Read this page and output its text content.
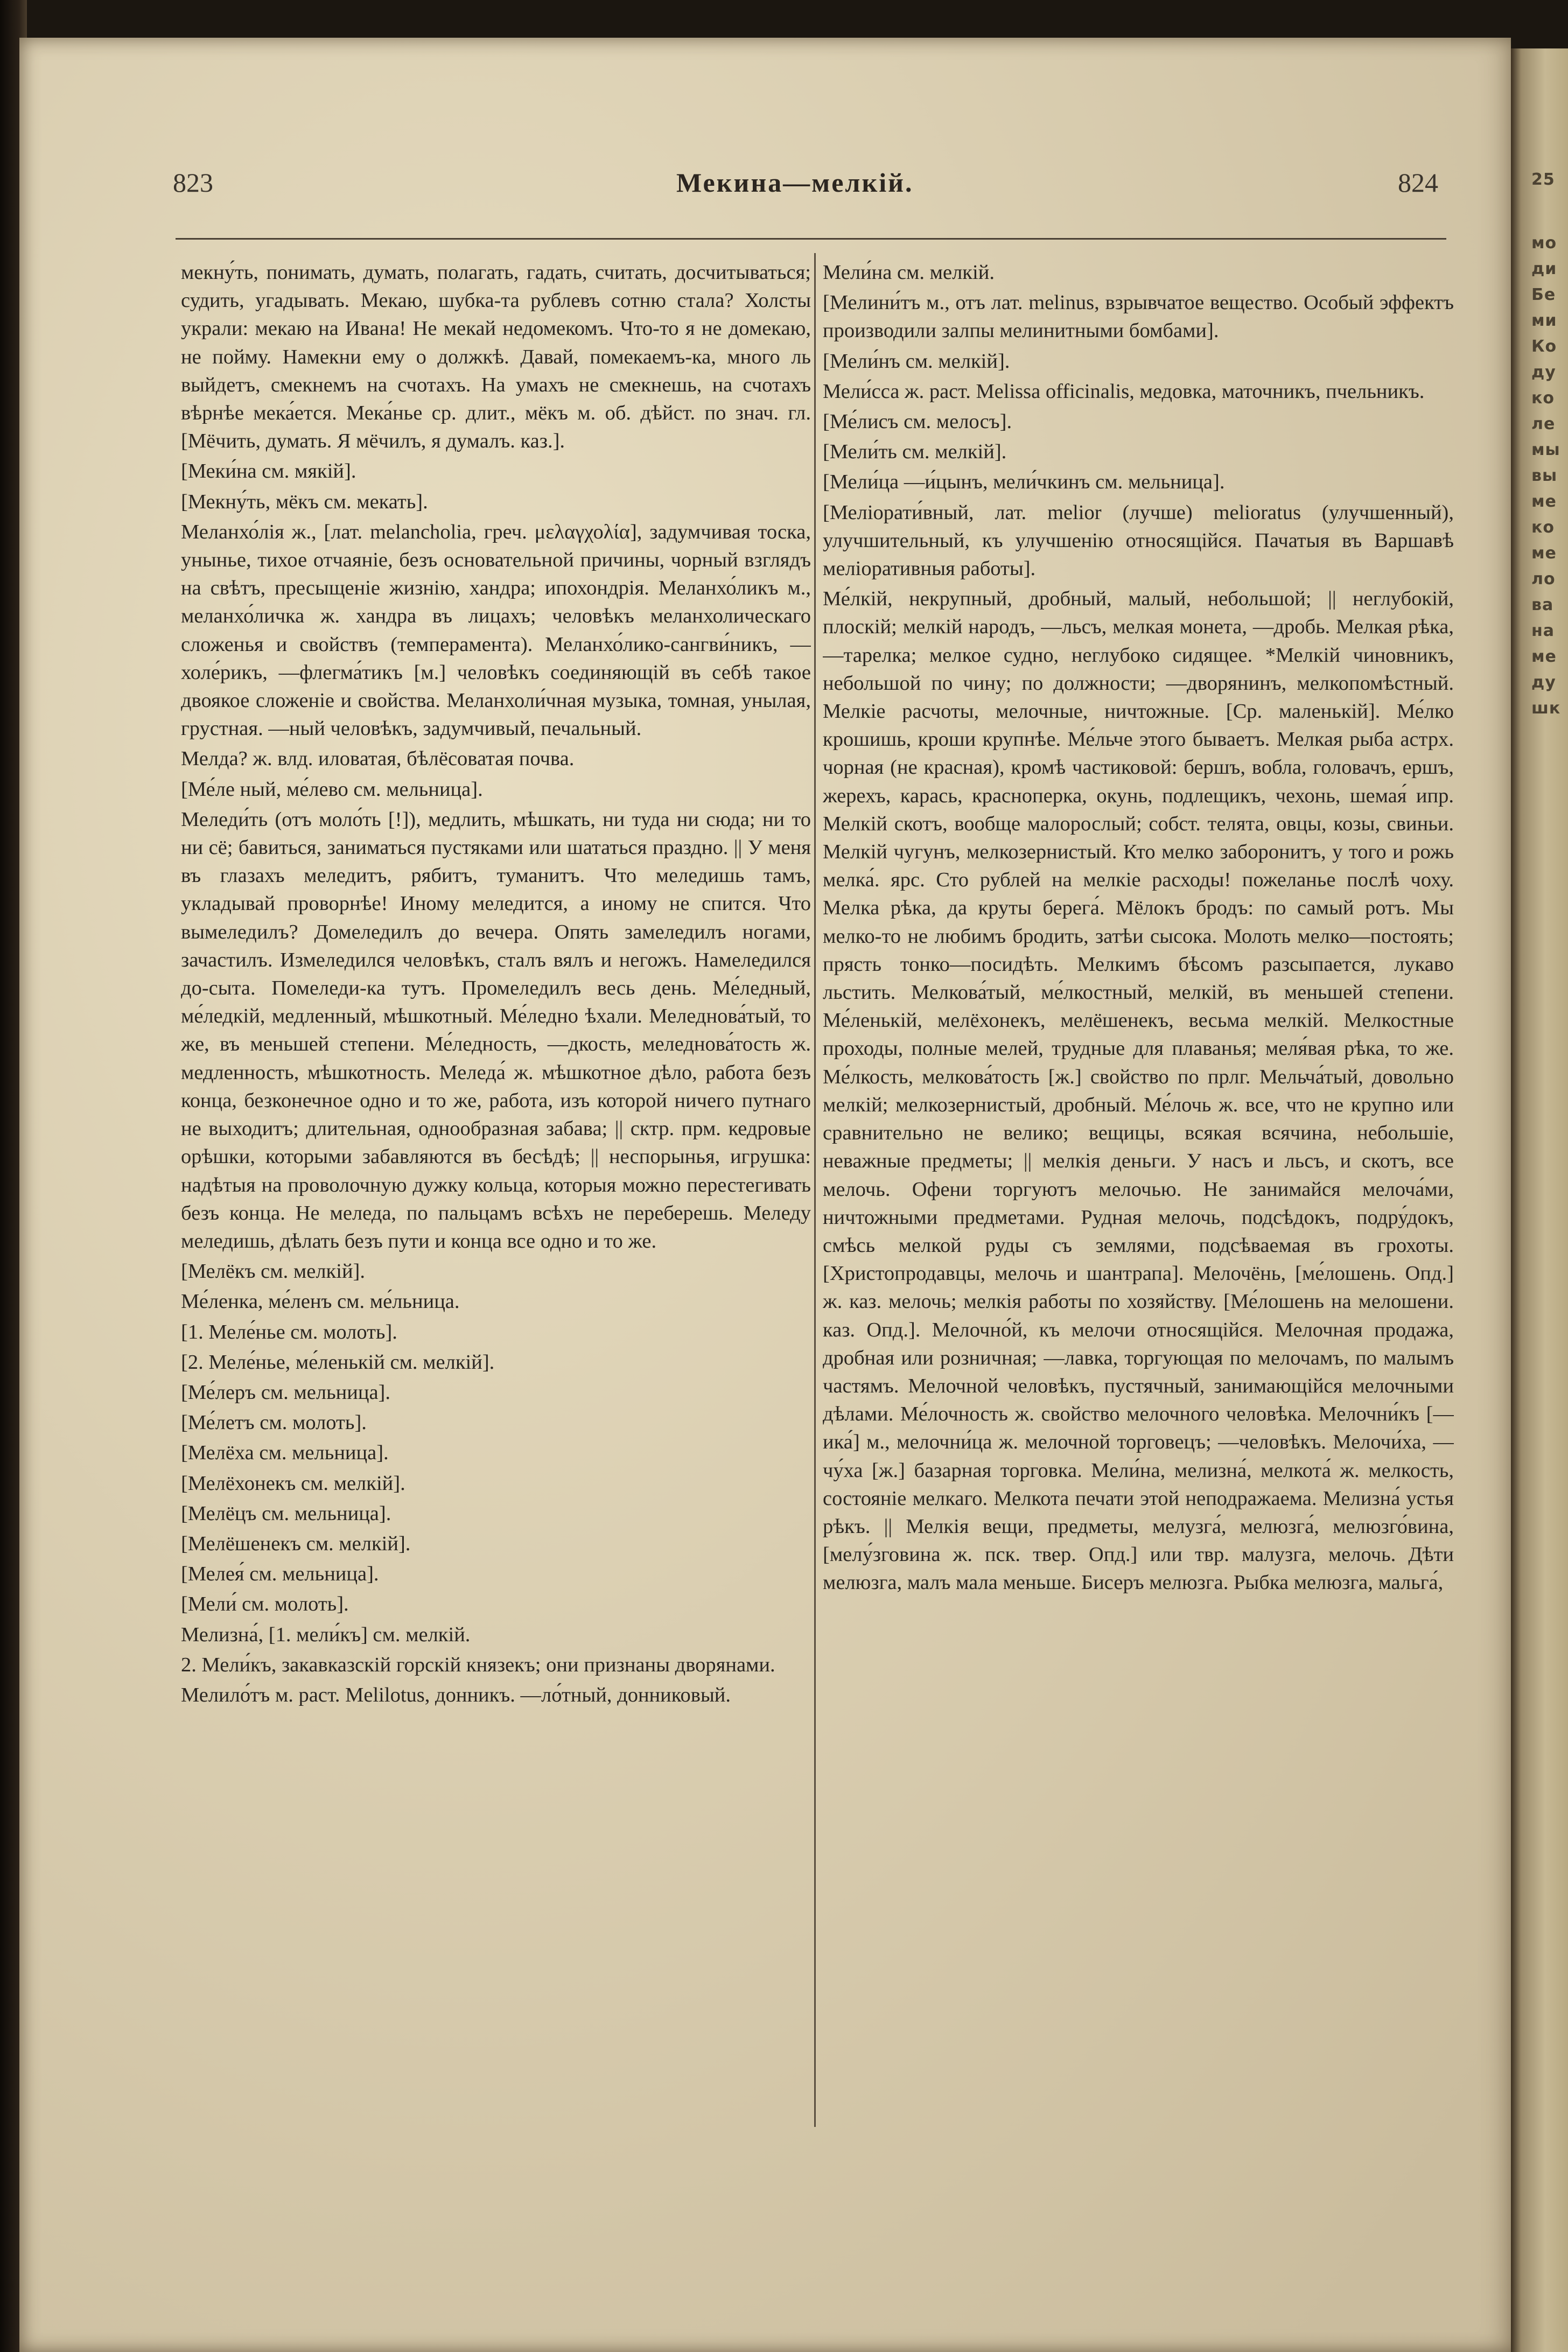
823	Мекина—мелкій.	824

мекну́ть, понимать, думать, полагать, гадать, считать, досчитываться; судить, угадывать. Мекаю, шубка-та рублевъ сотню стала? Холсты украли: мекаю на Ивана! Не мекай недомекомъ. Что-то я не домекаю, не пойму. Намекни ему о должкѣ. Давай, помекаемъ-ка, много ль выйдетъ, смекнемъ на счотахъ. На умахъ не смекнешь, на счотахъ вѣрнѣе мека́ется. Мека́нье ср. длит., мёкъ м. об. дѣйст. по знач. гл. [Мёчить, думать. Я мёчилъ, я думалъ. каз.].

[Меки́на см. мякій].

[Мекну́ть, мёкъ см. мекать].

Меланхо́лія ж., [лат. melancholia, греч. μελαγχολία], задумчивая тоска, унынье, тихое отчаяніе, безъ основательной причины, чорный взглядъ на свѣтъ, пресыщеніе жизнію, хандра; ипохондрія. Меланхо́ликъ м., меланхо́личка ж. хандра въ лицахъ; человѣкъ меланхолическаго сложенья и свойствъ (темперамента). Меланхо́лико-сангви́никъ, —холе́рикъ, —флегма́тикъ [м.] человѣкъ соединяющій въ себѣ такое двоякое сложеніе и свойства. Меланхоли́чная музыка, томная, унылая, грустная. —ный человѣкъ, задумчивый, печальный.

Мелда? ж. влд. иловатая, бѣлёсоватая почва.

[Ме́ле ный, ме́лево см. мельница].

Меледи́ть (отъ моло́ть [!]), медлить, мѣшкать, ни туда ни сюда; ни то ни сё; бавиться, заниматься пустяками или шататься праздно. || У меня въ глазахъ меледитъ, рябитъ, туманитъ. Что меледишь тамъ, укладывай проворнѣе! Иному меледится, а иному не спится. Что вымеледилъ? Домеледилъ до вечера. Опять замеледилъ ногами, зачастилъ. Измеледился человѣкъ, сталъ вялъ и негожъ. Намеледился до-сыта. Помеледи-ка тутъ. Промеледилъ весь день. Ме́ледный, ме́ледкій, медленный, мѣшкотный. Ме́ледно ѣхали. Меледнова́тый, то же, въ меньшей степени. Ме́ледность, —дкость, меледнова́тость ж. медленность, мѣшкотность. Меледа́ ж. мѣшкотное дѣло, работа безъ конца, безконечное одно и то же, работа, изъ которой ничего путнаго не выходитъ; длительная, однообразная забава; || сктр. прм. кедровые орѣшки, которыми забавляются въ бесѣдѣ; || неспорынья, игрушка: надѣтыя на проволочную дужку кольца, которыя можно перестегивать безъ конца. Не меледа, по пальцамъ всѣхъ не переберешь. Меледу меледишь, дѣлать безъ пути и конца все одно и то же.

[Мелёкъ см. мелкій].

Ме́ленка, ме́ленъ см. ме́льница.

[1. Меле́нье см. молоть].

[2. Меле́нье, ме́ленькій см. мелкій].

[Ме́леръ см. мельница].

[Ме́летъ см. молоть].

[Мелёха см. мельница].

[Мелёхонекъ см. мелкій].

[Мелёцъ см. мельница].

[Мелёшенекъ см. мелкій].

[Мелея́ см. мельница].

[Мели́ см. молоть].

Мелизна́, [1. мели́къ] см. мелкій.

2. Мели́къ, закавказскій горскій князекъ; они признаны дворянами.

Мелило́тъ м. раст. Melilotus, донникъ. —ло́тный, донниковый.

Мели́на см. мелкій.

[Мелини́тъ м., отъ лат. melinus, взрывчатое вещество. Особый эффектъ производили залпы мелинитными бомбами].

[Мели́нъ см. мелкій].

Мели́сса ж. раст. Melissa officinalis, медовка, маточникъ, пчельникъ.

[Ме́лисъ см. мелосъ].

[Мели́ть см. мелкій].

[Мели́ца —и́цынъ, мели́чкинъ см. мельница].

[Меліорати́вный, лат. melior (лучше) melioratus (улучшенный), улучшительный, къ улучшенію относящійся. Пачатыя въ Варшавѣ меліоративныя работы].

Ме́лкій, некрупный, дробный, малый, небольшой; || неглубокій, плоскій; мелкій народъ, —льсъ, мелкая монета, —дробь. Мелкая рѣка, —тарелка; мелкое судно, неглубоко сидящее. *Мелкій чиновникъ, небольшой по чину; по должности; —дворянинъ, мелкопомѣстный. Мелкіе расчоты, мелочные, ничтожные. [Ср. маленькій]. Ме́лко крошишь, кроши крупнѣе. Ме́льче этого бываетъ. Мелкая рыба астрх. чорная (не красная), кромѣ частиковой: бершъ, вобла, головачъ, ершъ, жерехъ, карась, красноперка, окунь, подлещикъ, чехонь, шемая́ ипр. Мелкій скотъ, вообще малорослый; собст. телята, овцы, козы, свиньи. Мелкій чугунъ, мелкозернистый. Кто мелко заборонитъ, у того и рожь мелка́. ярс. Сто рублей на мелкіе расходы! пожеланье послѣ чоху. Мелка рѣка, да круты берега́. Мёлокъ бродъ: по самый ротъ. Мы мелко-то не любимъ бродить, затѣи сысока. Молоть мелко—постоять; прясть тонко—посидѣть. Мелкимъ бѣсомъ разсыпается, лукаво льстить. Мелкова́тый, ме́лкостный, мелкій, въ меньшей степени. Ме́ленькій, мелёхонекъ, мелёшенекъ, весьма мелкій. Мелкостные проходы, полные мелей, трудные для плаванья; меля́вая рѣка, то же. Ме́лкость, мелкова́тость [ж.] свойство по прлг. Мельча́тый, довольно мелкій; мелкозернистый, дробный. Ме́лочь ж. все, что не крупно или сравнительно не велико; вещицы, всякая всячина, небольшіе, неважные предметы; || мелкія деньги. У насъ и льсъ, и скотъ, все мелочь. Офени торгуютъ мелочью. Не занимайся мелоча́ми, ничтожными предметами. Рудная мелочь, подсѣдокъ, подру́докъ, смѣсь мелкой руды съ землями, подсѣваемая въ грохоты. [Христопродавцы, мелочь и шантрапа]. Мелочёнь, [ме́лошень. Опд.] ж. каз. мелочь; мелкія работы по хозяйству. [Ме́лошень на мелошени. каз. Опд.]. Мелочно́й, къ мелочи относящійся. Мелочная продажа, дробная или розничная; —лавка, торгующая по мелочамъ, по малымъ частямъ. Мелочной человѣкъ, пустячный, занимающійся мелочными дѣлами. Ме́лочность ж. свойство мелочного человѣка. Мелочни́къ [—ика́] м., мелочни́ца ж. мелочной торговецъ; —человѣкъ. Мелочи́ха, —чу́ха [ж.] базарная торговка. Мели́на, мелизна́, мелкота́ ж. мелкость, состояніе мелкаго. Мелкота печати этой неподражаема. Мелизна́ устья рѣкъ. || Мелкія вещи, предметы, мелузга́, мелюзга́, мелюзго́вина, [мелу́зговина ж. пск. твер. Опд.] или твр. малузга, мелочь. Дѣти мелюзга, малъ мала меньше. Бисеръ мелюзга. Рыбка мелюзга, мальга́,

25
мо
ди
Бе
ми
Ко
ду
ко
ле
мы
вы
ме
ко
ме
ло
ва
на
ме
ду
шк
